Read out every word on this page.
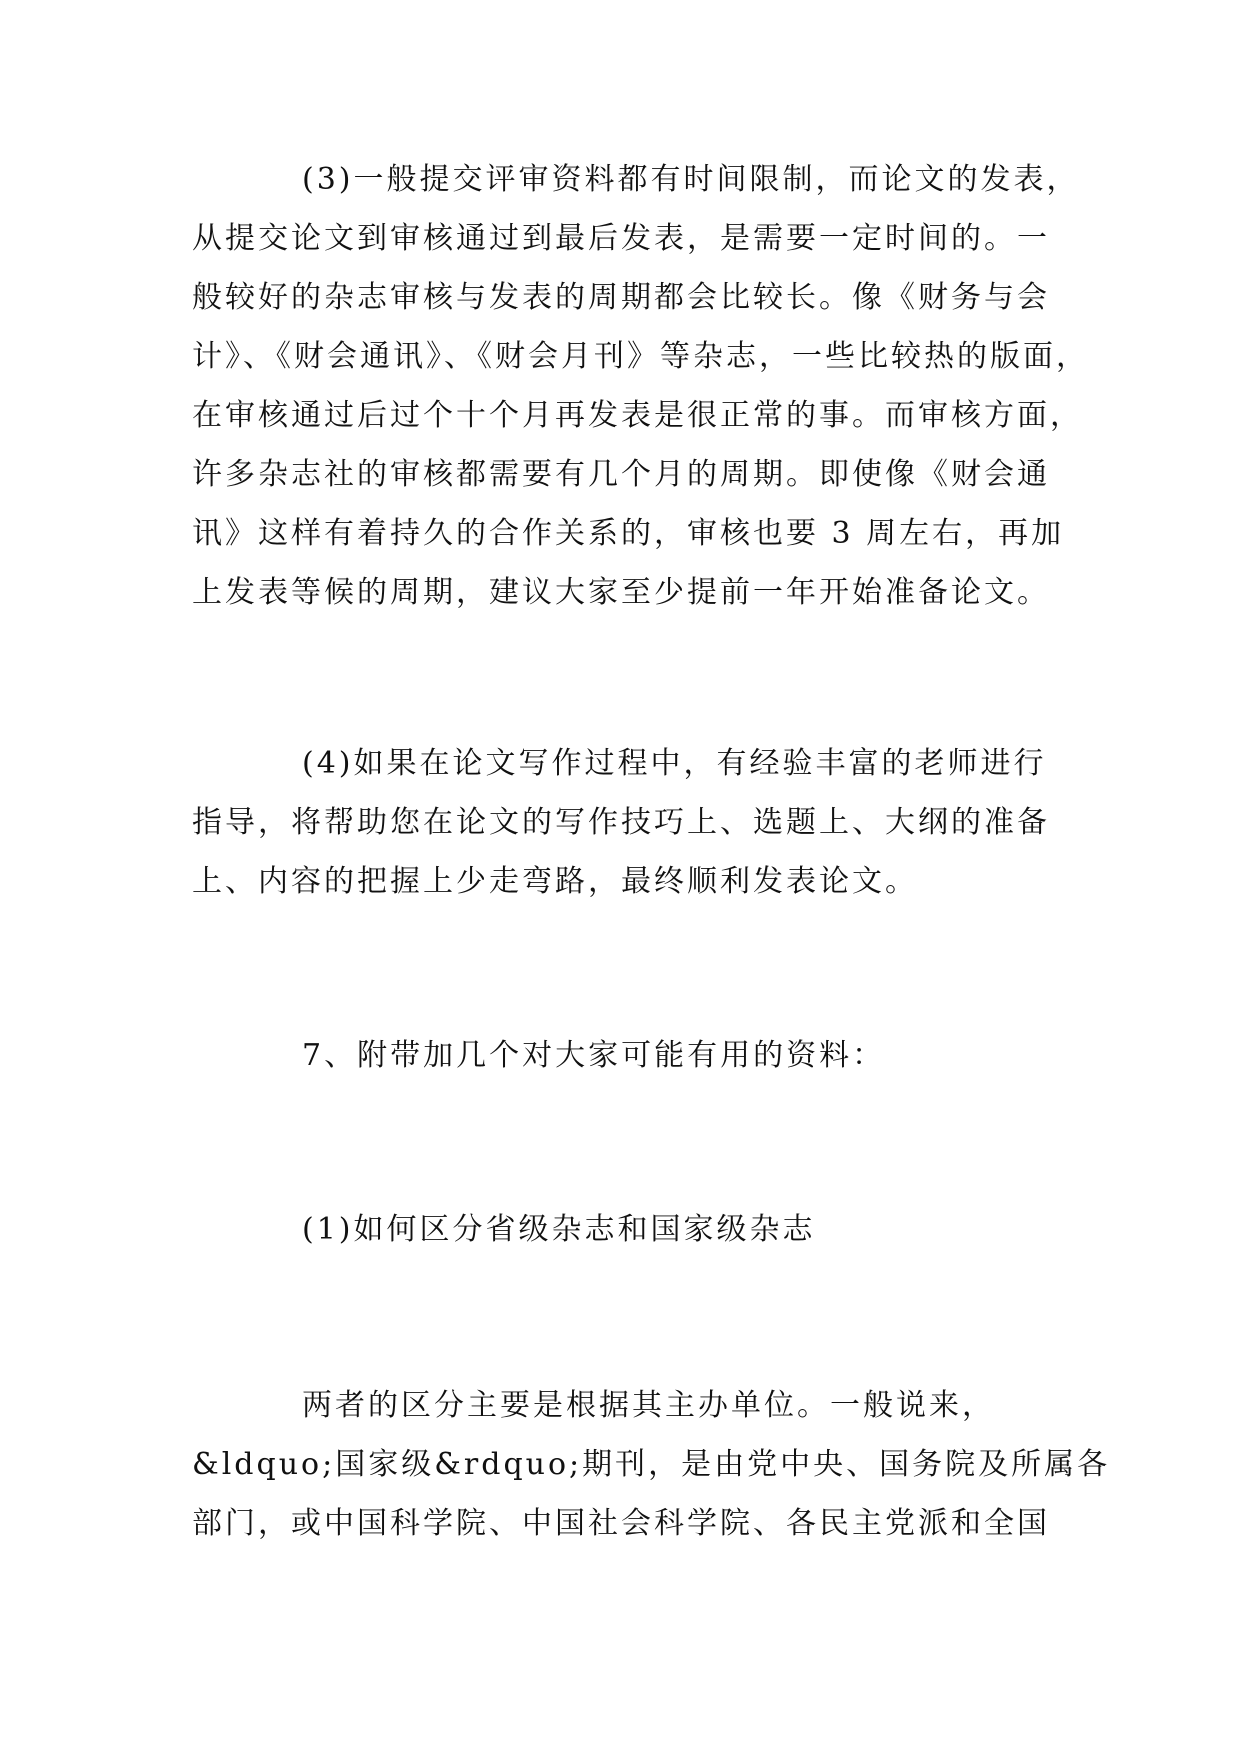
(3)一般提交评审资料都有时间限制，而论文的发表，
从提交论文到审核通过到最后发表，是需要一定时间的。一
般较好的杂志审核与发表的周期都会比较长。像《财务与会
计》、《财会通讯》、《财会月刊》等杂志，一些比较热的版面，
在审核通过后过个十个月再发表是很正常的事。而审核方面，
许多杂志社的审核都需要有几个月的周期。即使像《财会通
讯》这样有着持久的合作关系的，审核也要 3 周左右，再加
上发表等候的周期，建议大家至少提前一年开始准备论文。
(4)如果在论文写作过程中，有经验丰富的老师进行
指导，将帮助您在论文的写作技巧上、选题上、大纲的准备
上、内容的把握上少走弯路，最终顺利发表论文。
7、附带加几个对大家可能有用的资料：
(1)如何区分省级杂志和国家级杂志
两者的区分主要是根据其主办单位。一般说来，
&ldquo;国家级&rdquo;期刊，是由党中央、国务院及所属各
部门，或中国科学院、中国社会科学院、各民主党派和全国
